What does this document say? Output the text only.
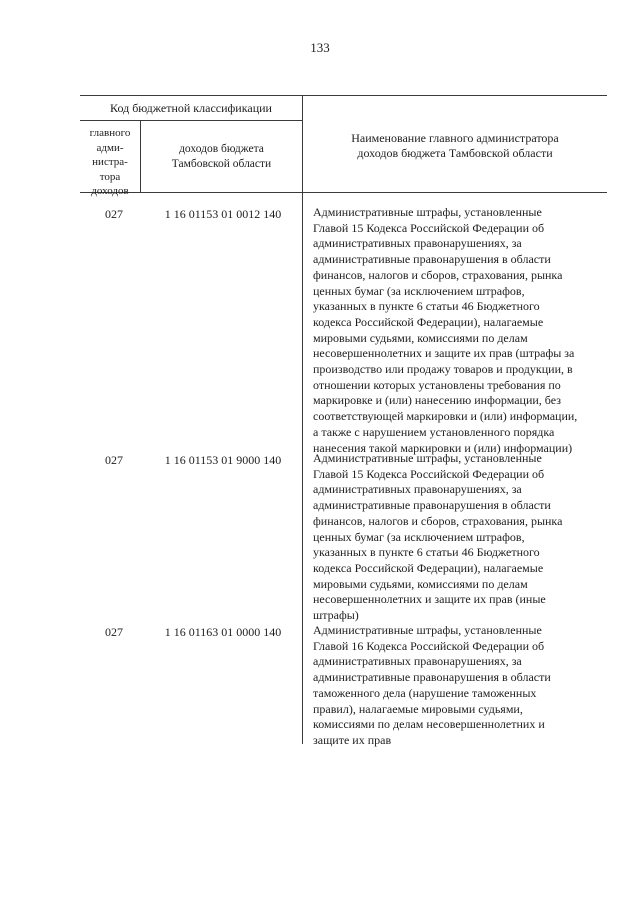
133
Код бюджетной классификации
главного
адми-
нистра-
тора
доходов
доходов бюджета
Тамбовской области
Наименование главного администратора
доходов бюджета Тамбовской области
027	1 16 01153 01 0012 140	Административные штрафы, установленные
Главой 15 Кодекса Российской Федерации об
административных правонарушениях, за
административные правонарушения в области
финансов, налогов и сборов, страхования, рынка
ценных бумаг (за исключением штрафов,
указанных в пункте 6 статьи 46 Бюджетного
кодекса Российской Федерации), налагаемые
мировыми судьями, комиссиями по делам
несовершеннолетних и защите их прав (штрафы за
производство или продажу товаров и продукции, в
отношении которых установлены требования по
маркировке и (или) нанесению информации, без
соответствующей маркировки и (или) информации,
а также с нарушением установленного порядка
нанесения такой маркировки и (или) информации)
027	1 16 01153 01 9000 140	Административные штрафы, установленные
Главой 15 Кодекса Российской Федерации об
административных правонарушениях, за
административные правонарушения в области
финансов, налогов и сборов, страхования, рынка
ценных бумаг (за исключением штрафов,
указанных в пункте 6 статьи 46 Бюджетного
кодекса Российской Федерации), налагаемые
мировыми судьями, комиссиями по делам
несовершеннолетних и защите их прав (иные
штрафы)
027	1 16 01163 01 0000 140	Административные штрафы, установленные
Главой 16 Кодекса Российской Федерации об
административных правонарушениях, за
административные правонарушения в области
таможенного дела (нарушение таможенных
правил), налагаемые мировыми судьями,
комиссиями по делам несовершеннолетних и
защите их прав
